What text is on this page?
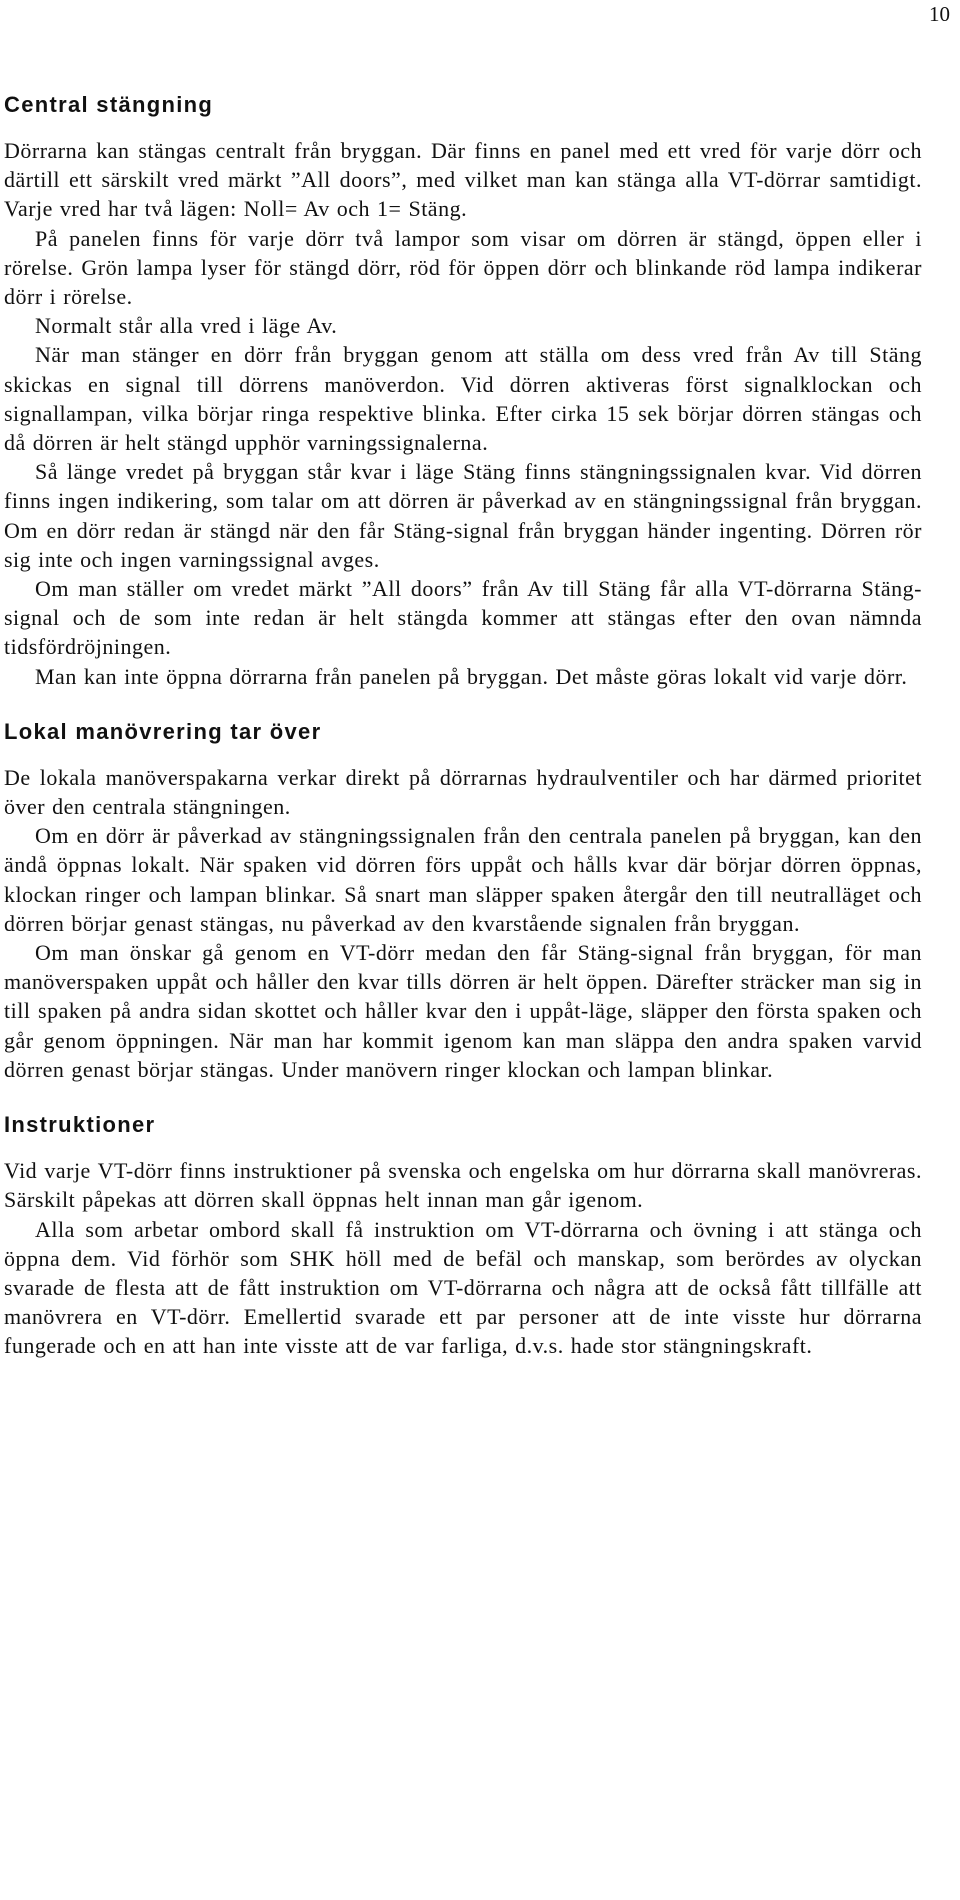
10
Central stängning

Dörrarna kan stängas centralt från bryggan. Där finns en panel med ett vred för varje dörr och därtill ett särskilt vred märkt ”All doors”, med vilket man kan stänga alla VT-dörrar samtidigt. Varje vred har två lägen: Noll= Av och 1= Stäng.

På panelen finns för varje dörr två lampor som visar om dörren är stängd, öppen eller i rörelse. Grön lampa lyser för stängd dörr, röd för öppen dörr och blinkande röd lampa indikerar dörr i rörelse.

Normalt står alla vred i läge Av.

När man stänger en dörr från bryggan genom att ställa om dess vred från Av till Stäng skickas en signal till dörrens manöverdon. Vid dörren aktiveras först signalklockan och signallampan, vilka börjar ringa respektive blinka. Efter cirka 15 sek börjar dörren stängas och då dörren är helt stängd upphör varningssignalerna.

Så länge vredet på bryggan står kvar i läge Stäng finns stängningssignalen kvar. Vid dörren finns ingen indikering, som talar om att dörren är påverkad av en stängningssignal från bryggan. Om en dörr redan är stängd när den får Stäng-signal från bryggan händer ingenting. Dörren rör sig inte och ingen varningssignal avges.

Om man ställer om vredet märkt ”All doors” från Av till Stäng får alla VT-dörrarna Stäng-signal och de som inte redan är helt stängda kommer att stängas efter den ovan nämnda tidsfördröjningen.

Man kan inte öppna dörrarna från panelen på bryggan. Det måste göras lokalt vid varje dörr.

Lokal manövrering tar över

De lokala manöverspakarna verkar direkt på dörrarnas hydraulventiler och har därmed prioritet över den centrala stängningen.

Om en dörr är påverkad av stängningssignalen från den centrala panelen på bryggan, kan den ändå öppnas lokalt. När spaken vid dörren förs uppåt och hålls kvar där börjar dörren öppnas, klockan ringer och lampan blinkar. Så snart man släpper spaken återgår den till neutralläget och dörren börjar genast stängas, nu påverkad av den kvarstående signalen från bryggan.

Om man önskar gå genom en VT-dörr medan den får Stäng-signal från bryggan, för man manöverspaken uppåt och håller den kvar tills dörren är helt öppen. Därefter sträcker man sig in till spaken på andra sidan skottet och håller kvar den i uppåt-läge, släpper den första spaken och går genom öppningen. När man har kommit igenom kan man släppa den andra spaken varvid dörren genast börjar stängas. Under manövern ringer klockan och lampan blinkar.

Instruktioner

Vid varje VT-dörr finns instruktioner på svenska och engelska om hur dörrarna skall manövreras. Särskilt påpekas att dörren skall öppnas helt innan man går igenom.

Alla som arbetar ombord skall få instruktion om VT-dörrarna och övning i att stänga och öppna dem. Vid förhör som SHK höll med de befäl och manskap, som berördes av olyckan svarade de flesta att de fått instruktion om VT-dörrarna och några att de också fått tillfälle att manövrera en VT-dörr. Emellertid svarade ett par personer att de inte visste hur dörrarna fungerade och en att han inte visste att de var farliga, d.v.s. hade stor stängningskraft.
